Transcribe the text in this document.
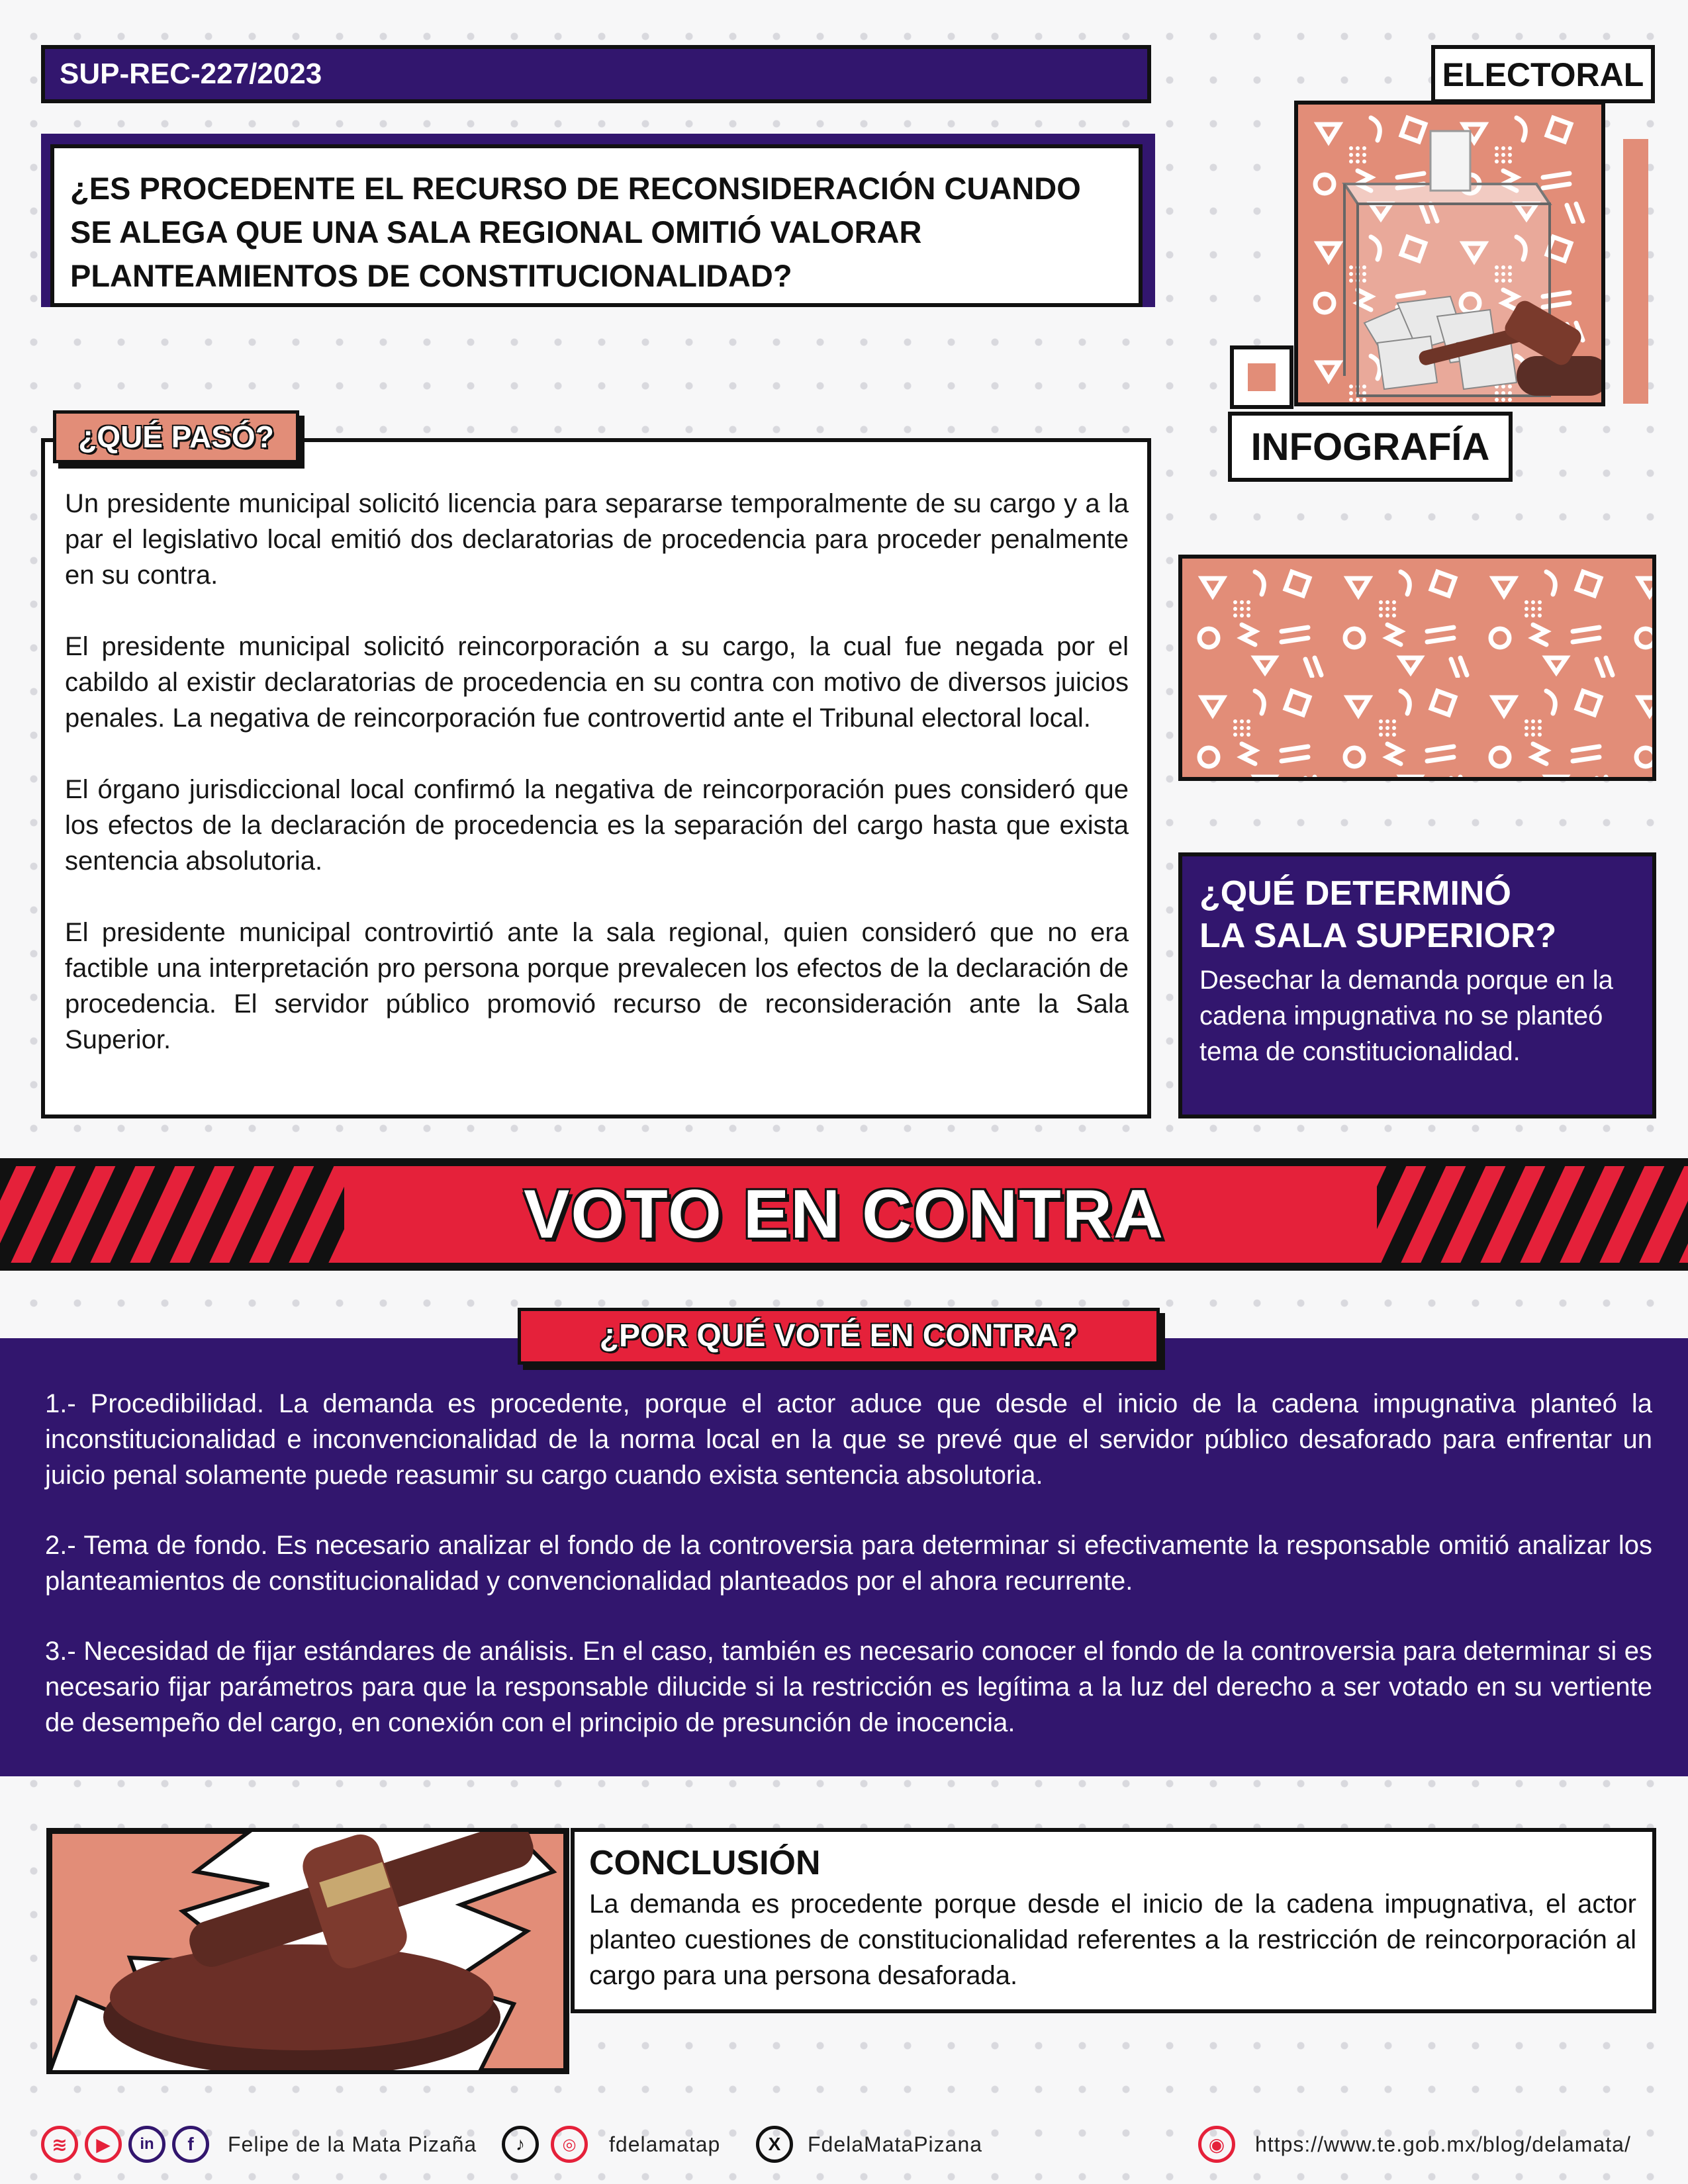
SUP-REC-227/2023
¿ES PROCEDENTE EL RECURSO DE RECONSIDERACIÓN CUANDO SE ALEGA QUE UNA SALA REGIONAL OMITIÓ VALORAR PLANTEAMIENTOS DE CONSTITUCIONALIDAD?
ELECTORAL
INFOGRAFÍA

Un presidente municipal solicitó licencia para separarse temporalmente de su cargo y a la par el legislativo local emitió dos declaratorias de procedencia para proceder penalmente en su contra.

El presidente municipal solicitó reincorporación a su cargo, la cual fue negada por el cabildo al existir declaratorias de procedencia en su contra con motivo de diversos juicios penales. La negativa de reincorporación fue controvertid ante el Tribunal electoral local.

El órgano jurisdiccional local confirmó la negativa de reincorporación pues consideró que los efectos de la declaración de procedencia es la separación del cargo hasta que exista sentencia absolutoria.

El presidente municipal controvirtió ante la sala regional, quien consideró que no era factible una interpretación pro persona porque prevalecen los efectos de la declaración de procedencia. El servidor público promovió recurso de reconsideración ante la Sala Superior.

¿QUÉ PASÓ?
¿QUÉ DETERMINÓ
LA SALA SUPERIOR?
Desechar la demanda porque en la cadena impugnativa no se planteó tema de constitucionalidad.
VOTO EN CONTRA

1.- Procedibilidad. La demanda es procedente, porque el actor aduce que desde el inicio de la cadena impugnativa planteó la inconstitucionalidad e inconvencionalidad de la norma local en la que se prevé que el servidor público desaforado para enfrentar un juicio penal solamente puede reasumir su cargo cuando exista sentencia absolutoria.

2.- Tema de fondo. Es necesario analizar el fondo de la controversia para determinar si efectivamente la responsable omitió analizar los planteamientos de constitucionalidad y convencionalidad planteados por el ahora recurrente.

3.- Necesidad de fijar estándares de análisis. En el caso, también es necesario conocer el fondo de la controversia para determinar si es necesario fijar parámetros para que la responsable dilucide si la restricción es legítima a la luz del derecho a ser votado en su vertiente de desempeño del cargo, en conexión con el principio de presunción de inocencia.

¿POR QUÉ VOTÉ EN CONTRA?
CONCLUSIÓN
La demanda es procedente porque desde el inicio de la cadena impugnativa, el actor planteo cuestiones de constitucionalidad referentes a la restricción de reincorporación al cargo para una persona desaforada.
≋	▶	in	f	Felipe de la Mata Pizaña	♪	◎	fdelamatap	X	FdelaMataPizana	◉	https://www.te.gob.mx/blog/delamata/
